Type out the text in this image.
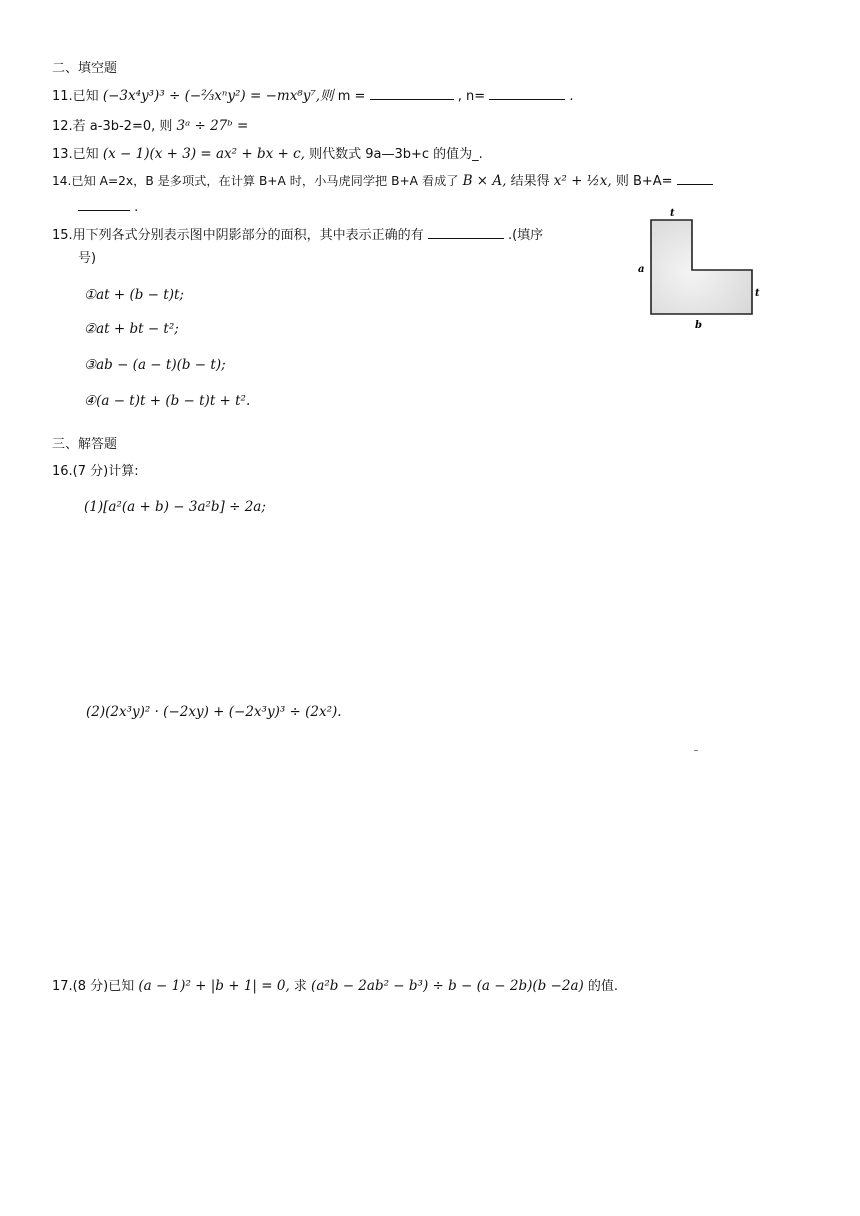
二、填空题
11.已知 (−3x⁴y³)³ ÷ (−⅔xⁿy²) = −mx⁸y⁷,则 m =	, n=	.
12.若 a-3b-2=0, 则 3ᵃ ÷ 27ᵇ =
13.已知 (x − 1)(x + 3) = ax² + bx + c, 则代数式 9a—3b+c 的值为_.
14.已知 A=2x，B 是多项式，在计算 B+A 时，小马虎同学把 B+A 看成了 B × A, 结果得 x² + ½x, 则 B+A=
.
15.用下列各式分别表示图中阴影部分的面积，其中表示正确的有	.(填序
号)
①at + (b − t)t;
②at + bt − t²;
③ab − (a − t)(b − t);
④(a − t)t + (b − t)t + t².
t
a
t
b
三、解答题
16.(7 分)计算:
(1)[a²(a + b) − 3a²b] ÷ 2a;
(2)(2x³y)² · (−2xy) + (−2x³y)³ ÷ (2x²).
17.(8 分)已知 (a − 1)² + |b + 1| = 0, 求 (a²b − 2ab² − b³) ÷ b − (a − 2b)(b −2a) 的值.
